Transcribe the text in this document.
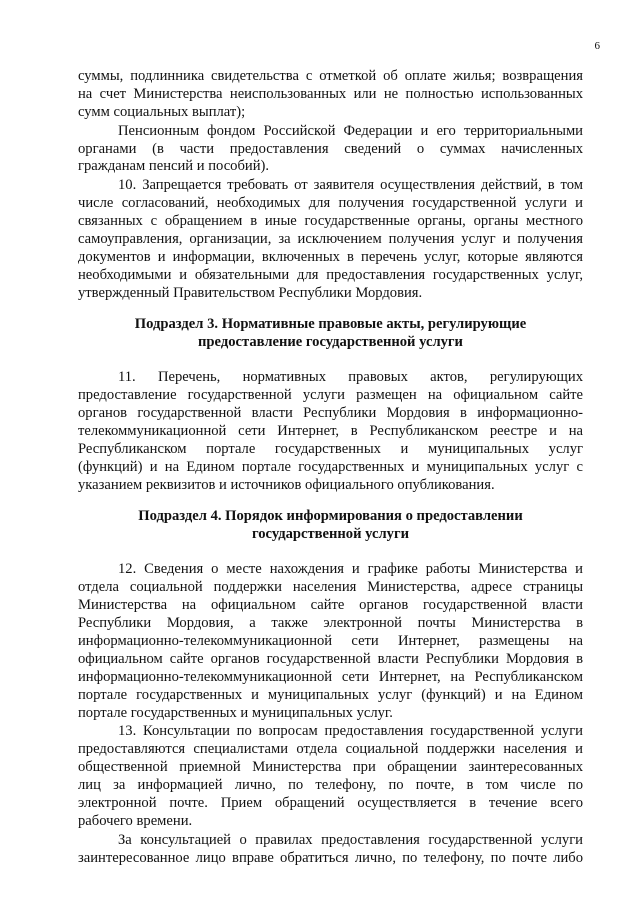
6
суммы, подлинника свидетельства с отметкой об оплате жилья; возвращения
на счет Министерства неиспользованных или не полностью использованных
сумм социальных выплат);
Пенсионным фондом Российской Федерации и его территориальными
органами (в части предоставления сведений о суммах начисленных
гражданам пенсий и пособий).
10. Запрещается требовать от заявителя осуществления действий, в том
числе согласований, необходимых для получения государственной услуги и
связанных с обращением в иные государственные органы, органы местного
самоуправления, организации, за исключением получения услуг и получения
документов и информации, включенных в перечень услуг, которые являются
необходимыми и обязательными для предоставления государственных услуг,
утвержденный Правительством Республики Мордовия.
Подраздел 3. Нормативные правовые акты, регулирующие
предоставление государственной услуги
11. Перечень, нормативных правовых актов, регулирующих
предоставление государственной услуги размещен на официальном сайте
органов государственной власти Республики Мордовия в информационно-
телекоммуникационной сети Интернет, в Республиканском реестре и на
Республиканском портале государственных и муниципальных услуг
(функций) и на Едином портале государственных и муниципальных услуг с
указанием реквизитов и источников официального опубликования.
Подраздел 4. Порядок информирования о предоставлении
государственной услуги
12. Сведения о месте нахождения и графике работы Министерства и
отдела социальной поддержки населения Министерства, адресе страницы
Министерства на официальном сайте органов государственной власти
Республики Мордовия, а также электронной почты Министерства в
информационно-телекоммуникационной сети Интернет, размещены на
официальном сайте органов государственной власти Республики Мордовия в
информационно-телекоммуникационной сети Интернет, на Республиканском
портале государственных и муниципальных услуг (функций) и на Едином
портале государственных и муниципальных услуг.
13. Консультации по вопросам предоставления государственной услуги
предоставляются специалистами отдела социальной поддержки населения и
общественной приемной Министерства при обращении заинтересованных
лиц за информацией лично, по телефону, по почте, в том числе по
электронной почте. Прием обращений осуществляется в течение всего
рабочего времени.
За консультацией о правилах предоставления государственной услуги
заинтересованное лицо вправе обратиться лично, по телефону, по почте либо
